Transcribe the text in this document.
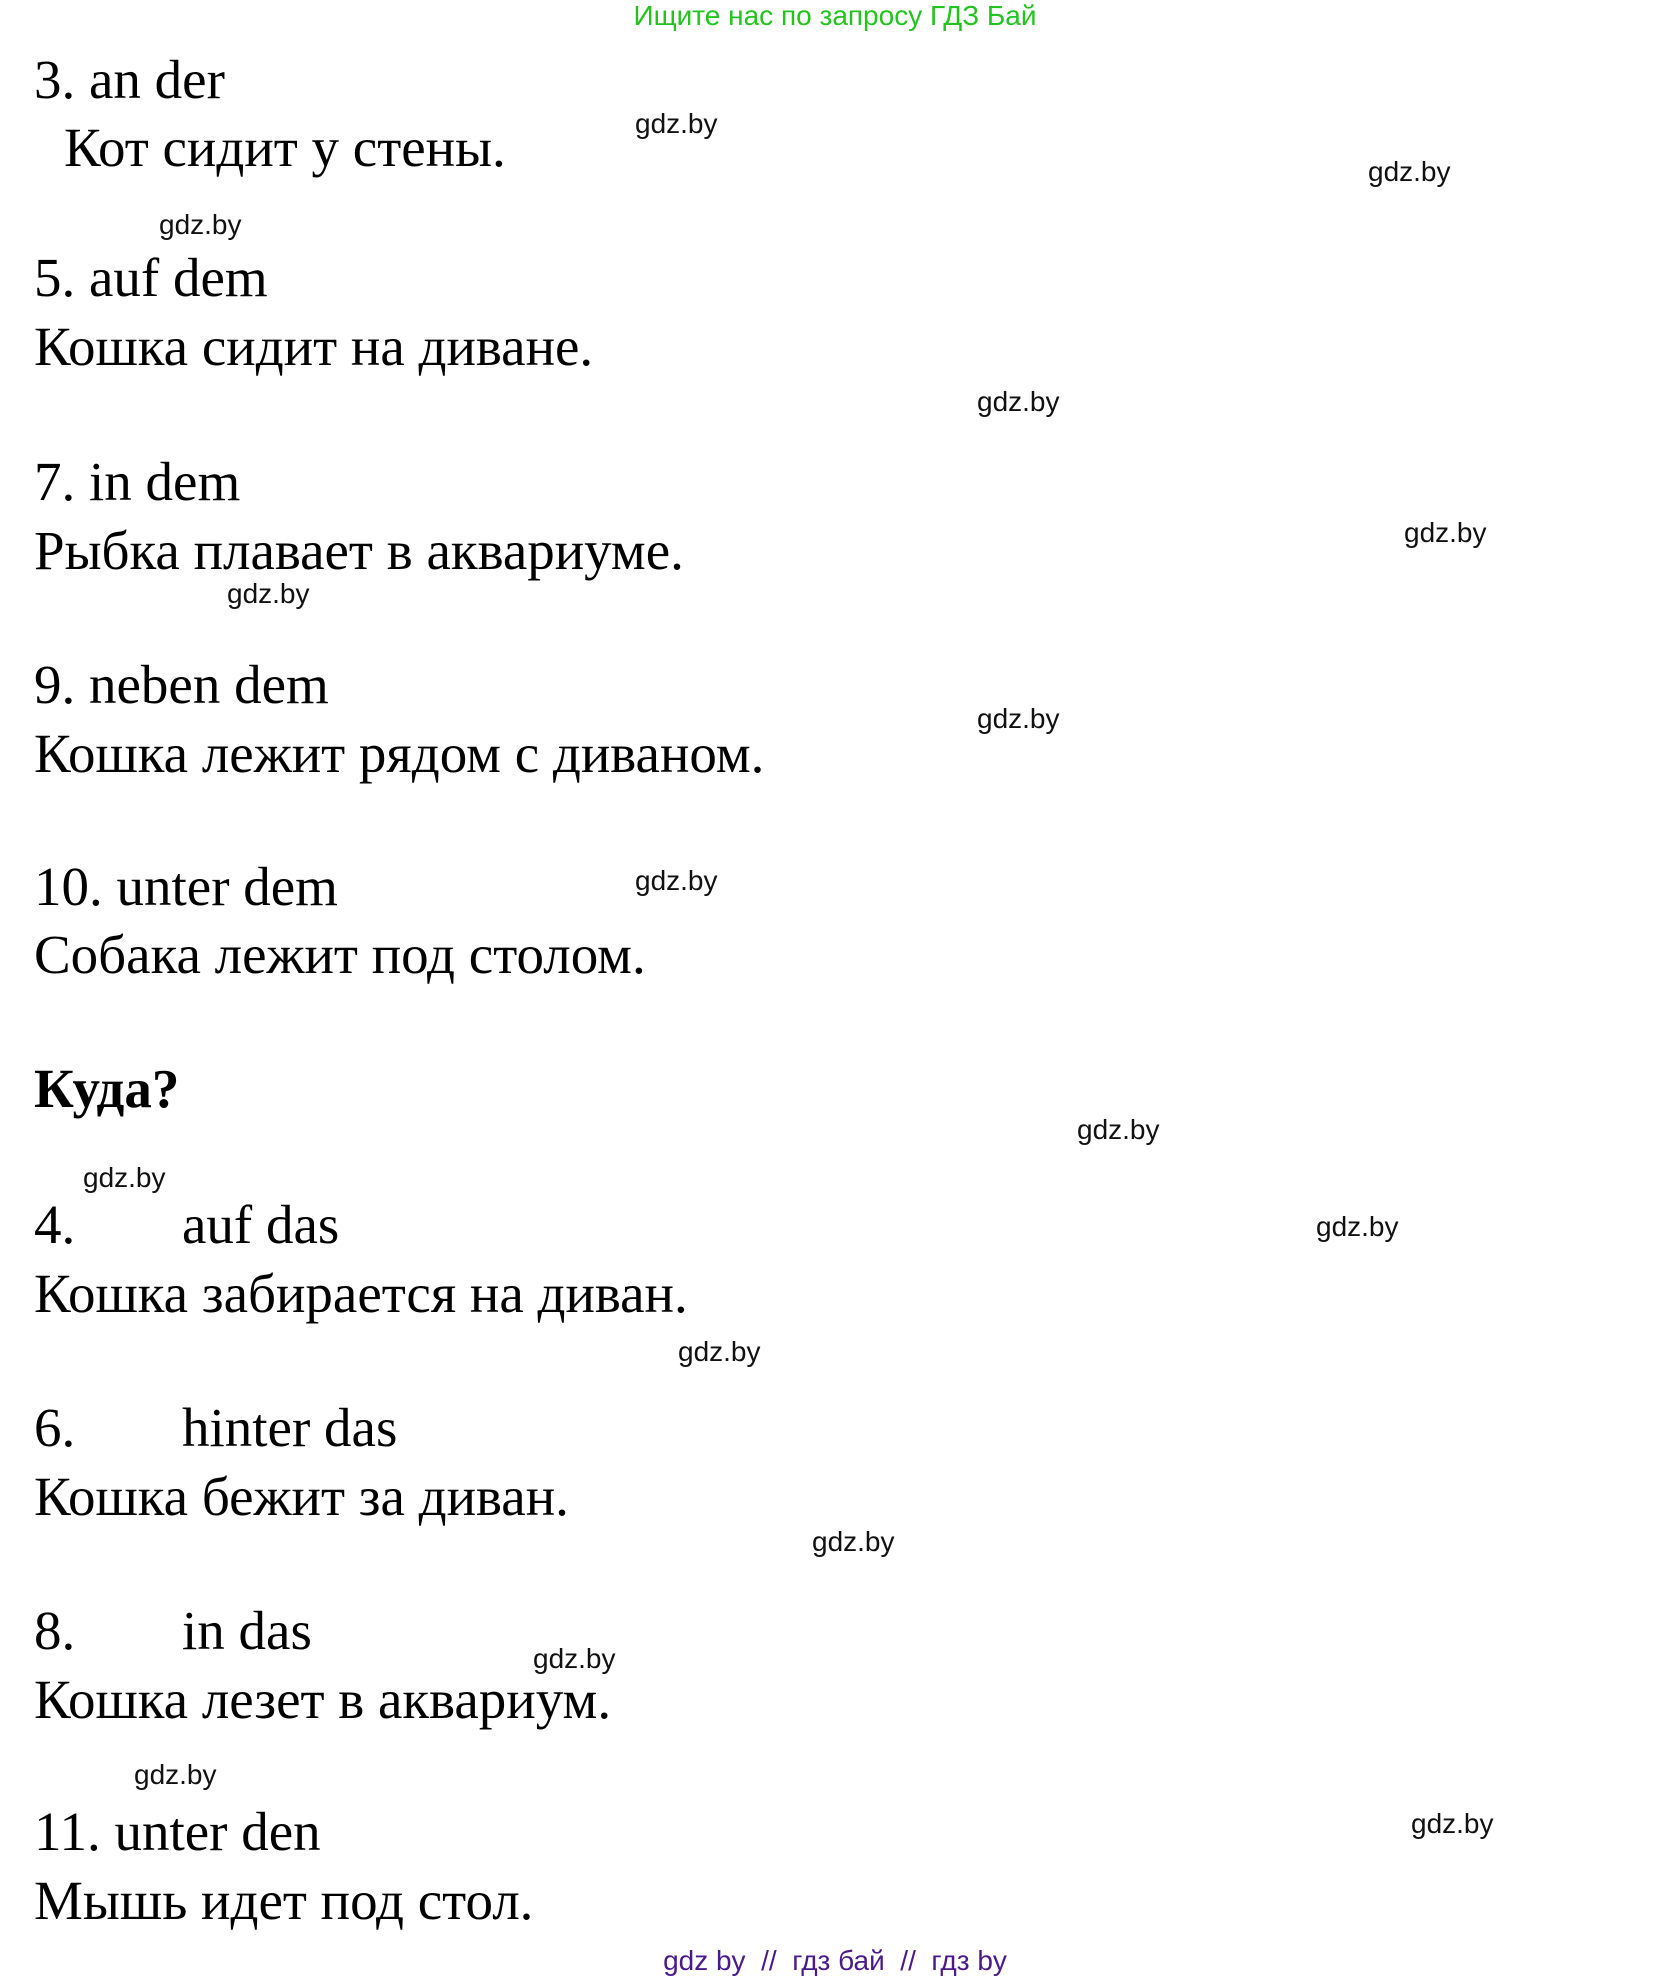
Ищите нас по запросу ГДЗ Бай
3. an der
Кот сидит у стены.
5. auf dem
Кошка сидит на диване.
7. in dem
Рыбка плавает в аквариуме.
9. neben dem
Кошка лежит рядом с диваном.
10. unter dem
Собака лежит под столом.
Куда?
4. auf das
Кошка забирается на диван.
6. hinter das
Кошка бежит за диван.
8. in das
Кошка лезет в аквариум.
11. unter den
Мышь идет под стол.
gdz.by
gdz.by
gdz.by
gdz.by
gdz.by
gdz.by
gdz.by
gdz.by
gdz.by
gdz.by
gdz.by
gdz.by
gdz.by
gdz.by
gdz.by
gdz.by
gdz by  //  гдз бай  //  гдз by
